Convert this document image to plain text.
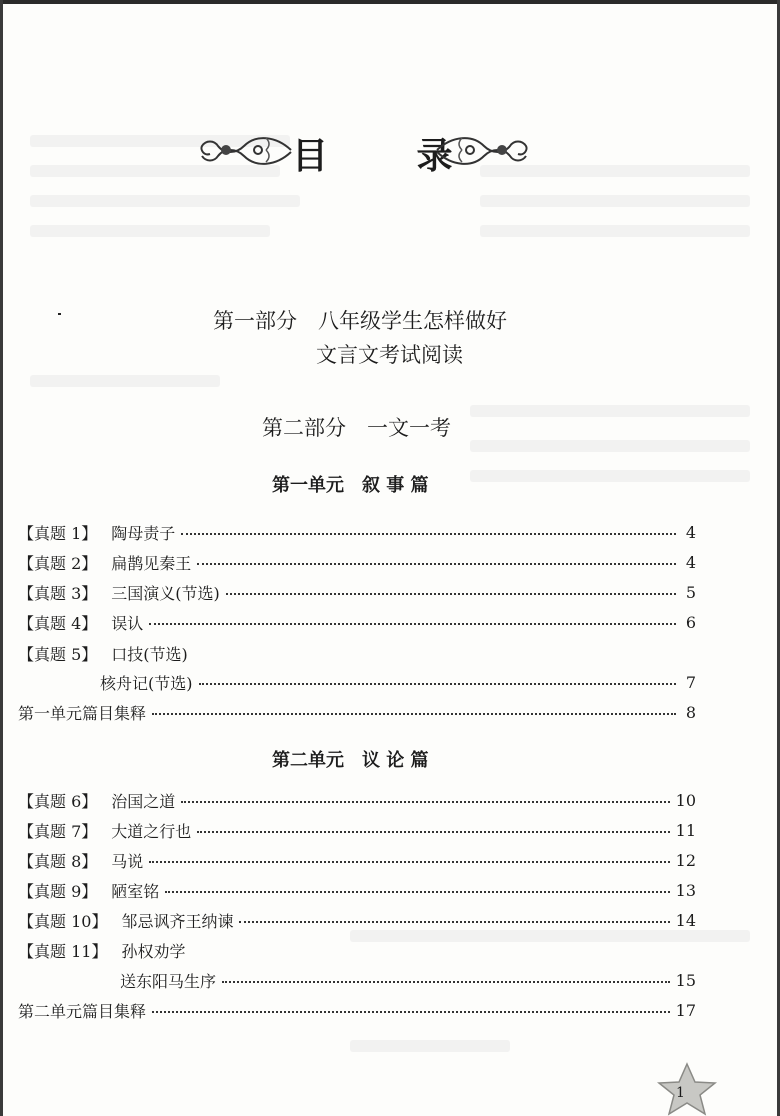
目 录
第一部分　八年级学生怎样做好
文言文考试阅读
第二部分　一文一考
第一单元　叙 事 篇
【真题 1】 陶母责子	4
【真题 2】 扁鹊见秦王	4
【真题 3】 三国演义(节选)	5
【真题 4】 误认	6
【真题 5】 口技(节选)
核舟记(节选)	7
第一单元篇目集释	8
第二单元　议 论 篇
【真题 6】 治国之道	10
【真题 7】 大道之行也	11
【真题 8】 马说	12
【真题 9】 陋室铭	13
【真题 10】 邹忌讽齐王纳谏	14
【真题 11】 孙权劝学
送东阳马生序	15
第二单元篇目集释	17
1
